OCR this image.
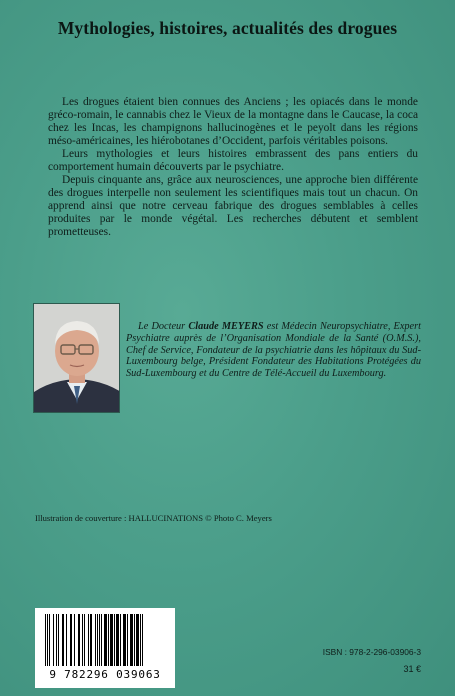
Mythologies, histoires, actualités des drogues

Les drogues étaient bien connues des Anciens ; les opiacés dans le monde gréco-romain, le cannabis chez le Vieux de la montagne dans le Caucase, la coca chez les Incas, les champignons hallucinogènes et le peyolt dans les régions méso-américaines, les hiérobotanes d’Occident, parfois véritables poisons.

Leurs mythologies et leurs histoires embrassent des pans entiers du comportement humain découverts par le psychiatre.

Depuis cinquante ans, grâce aux neurosciences, une approche bien différente des drogues interpelle non seulement les scientifiques mais tout un chacun. On apprend ainsi que notre cerveau fabrique des drogues semblables à celles produites par le monde végétal. Les recherches débutent et semblent prometteuses.

Le Docteur Claude MEYERS est Médecin Neuropsychiatre, Expert Psychiatre auprès de l’Organisation Mondiale de la Santé (O.M.S.), Chef de Service, Fondateur de la psychiatrie dans les hôpitaux du Sud-Luxembourg belge, Président Fondateur des Habitations Protégées du Sud-Luxembourg et du Centre de Télé-Accueil du Luxembourg.
Illustration de couverture : HALLUCINATIONS © Photo C. Meyers
9 782296 039063
ISBN : 978-2-296-03906-3
31 €
